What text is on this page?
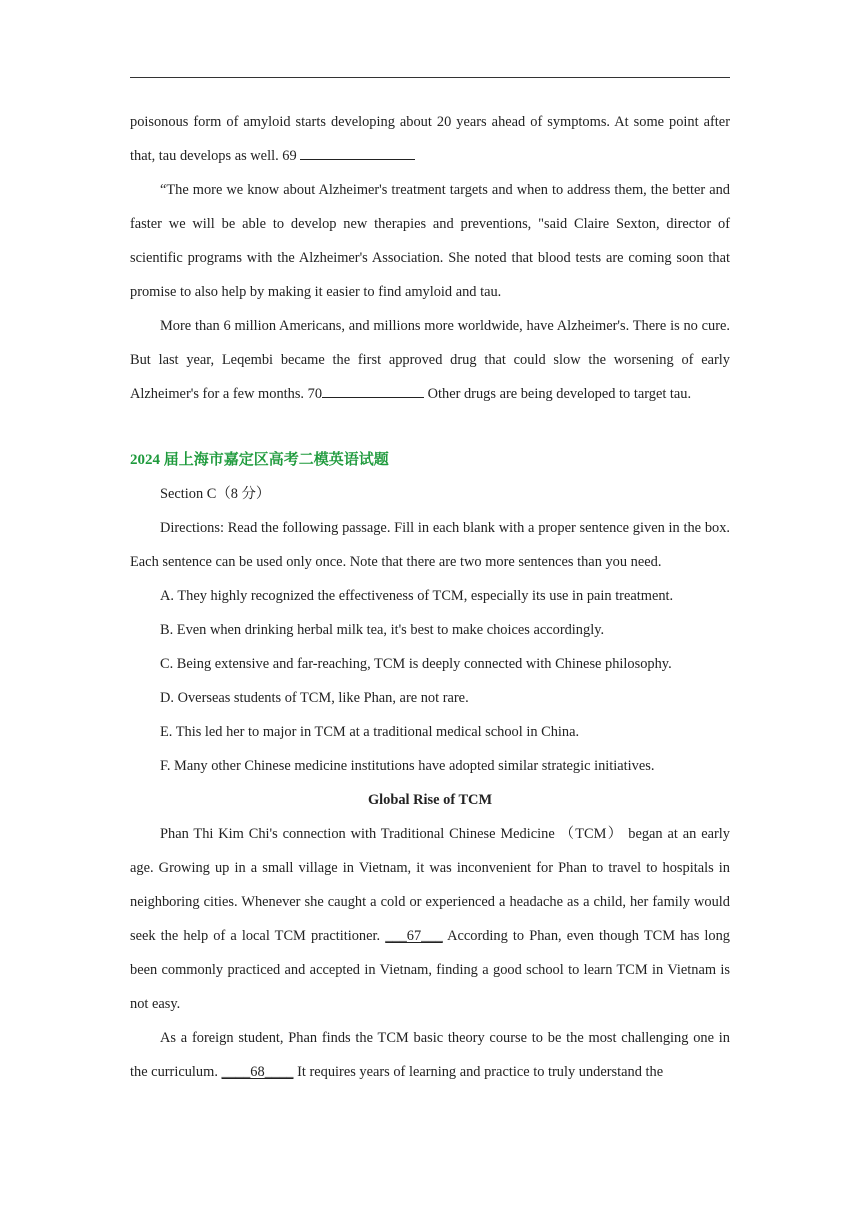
poisonous form of amyloid starts developing about 20 years ahead of symptoms. At some point after that, tau develops as well. 69

“The more we know about Alzheimer's treatment targets and when to address them, the better and faster we will be able to develop new therapies and preventions, "said Claire Sexton, director of scientific programs with the Alzheimer's Association. She noted that blood tests are coming soon that promise to also help by making it easier to find amyloid and tau.

More than 6 million Americans, and millions more worldwide, have Alzheimer's. There is no cure. But last year, Leqembi became the first approved drug that could slow the worsening of early Alzheimer's for a few months. 70	Other drugs are being developed to target tau.

2024 届上海市嘉定区高考二模英语试题

Section C（8 分）

Directions: Read the following passage. Fill in each blank with a proper sentence given in the box. Each sentence can be used only once. Note that there are two more sentences than you need.

A. They highly recognized the effectiveness of TCM, especially its use in pain treatment.

B. Even when drinking herbal milk tea, it's best to make choices accordingly.

C. Being extensive and far-reaching, TCM is deeply connected with Chinese philosophy.

D. Overseas students of TCM, like Phan, are not rare.

E. This led her to major in TCM at a traditional medical school in China.

F. Many other Chinese medicine institutions have adopted similar strategic initiatives.

Global Rise of TCM

Phan Thi Kim Chi's connection with Traditional Chinese Medicine （TCM） began at an early age. Growing up in a small village in Vietnam, it was inconvenient for Phan to travel to hospitals in neighboring cities. Whenever she caught a cold or experienced a headache as a child, her family would seek the help of a local TCM practitioner. ___67___ According to Phan, even though TCM has long been commonly practiced and accepted in Vietnam, finding a good school to learn TCM in Vietnam is not easy.

As a foreign student, Phan finds the TCM basic theory course to be the most challenging one in the curriculum. ____68____ It requires years of learning and practice to truly understand the
